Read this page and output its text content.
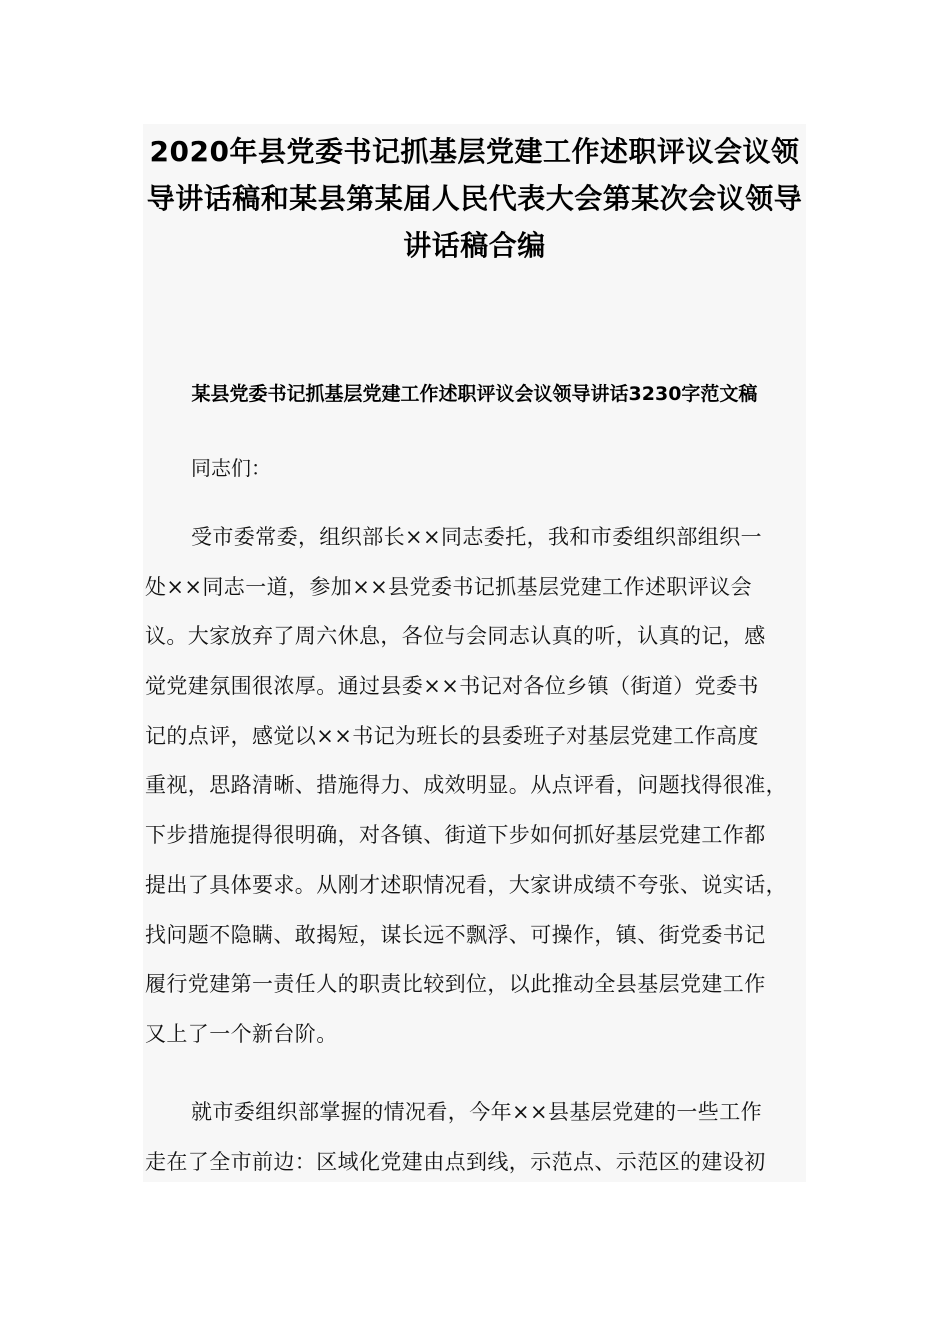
2020年县党委书记抓基层党建工作述职评议会议领
导讲话稿和某县第某届人民代表大会第某次会议领导
讲话稿合编
某县党委书记抓基层党建工作述职评议会议领导讲话3230字范文稿

同志们：

受市委常委，组织部长××同志委托，我和市委组织部组织一
处××同志一道，参加××县党委书记抓基层党建工作述职评议会
议。大家放弃了周六休息，各位与会同志认真的听，认真的记，感
觉党建氛围很浓厚。通过县委××书记对各位乡镇（街道）党委书
记的点评，感觉以××书记为班长的县委班子对基层党建工作高度
重视，思路清晰、措施得力、成效明显。从点评看，问题找得很准，
下步措施提得很明确，对各镇、街道下步如何抓好基层党建工作都
提出了具体要求。从刚才述职情况看，大家讲成绩不夸张、说实话，
找问题不隐瞒、敢揭短，谋长远不飘浮、可操作，镇、街党委书记
履行党建第一责任人的职责比较到位，以此推动全县基层党建工作
又上了一个新台阶。
就市委组织部掌握的情况看，今年××县基层党建的一些工作
走在了全市前边：区域化党建由点到线，示范点、示范区的建设初
